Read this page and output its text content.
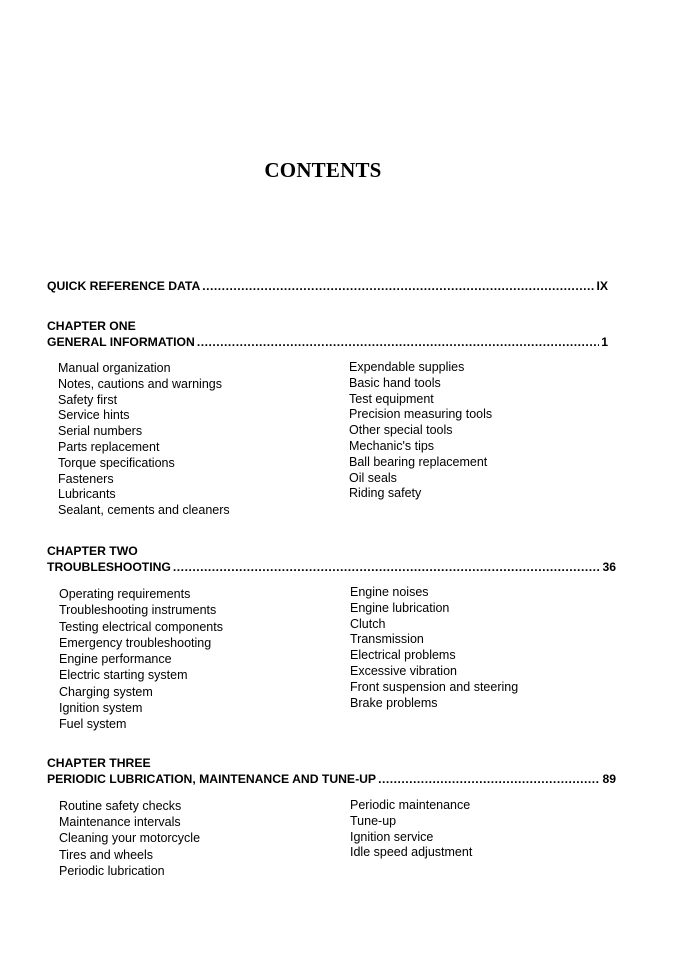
CONTENTS
QUICK REFERENCE DATA .....	IX
CHAPTER ONE
GENERAL INFORMATION .....	1
Manual organization
Notes, cautions and warnings
Safety first
Service hints
Serial numbers
Parts replacement
Torque specifications
Fasteners
Lubricants
Sealant, cements and cleaners
Expendable supplies
Basic hand tools
Test equipment
Precision measuring tools
Other special tools
Mechanic's tips
Ball bearing replacement
Oil seals
Riding safety
CHAPTER TWO
TROUBLESHOOTING .....	36
Operating requirements
Troubleshooting instruments
Testing electrical components
Emergency troubleshooting
Engine performance
Electric starting system
Charging system
Ignition system
Fuel system
Engine noises
Engine lubrication
Clutch
Transmission
Electrical problems
Excessive vibration
Front suspension and steering
Brake problems
CHAPTER THREE
PERIODIC LUBRICATION, MAINTENANCE AND TUNE-UP .....	89
Routine safety checks
Maintenance intervals
Cleaning your motorcycle
Tires and wheels
Periodic lubrication
Periodic maintenance
Tune-up
Ignition service
Idle speed adjustment
